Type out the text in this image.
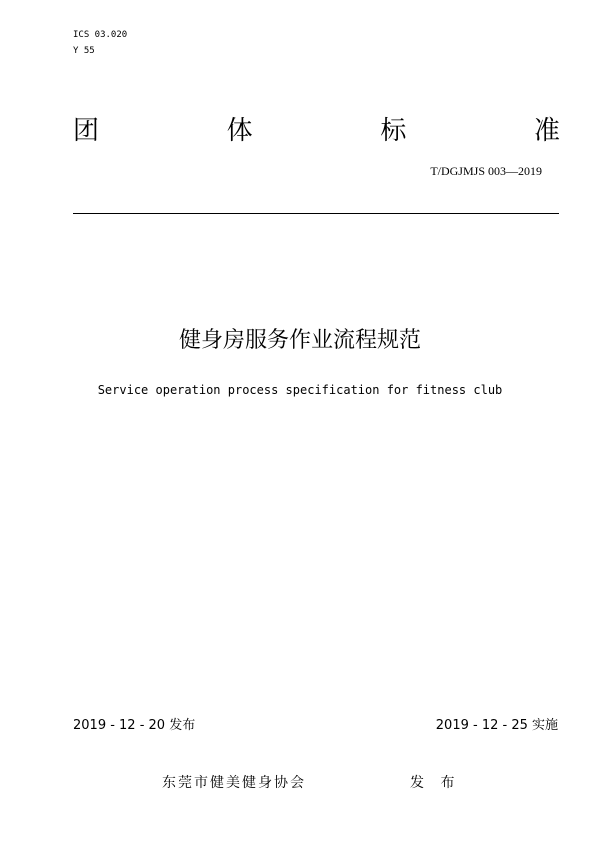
ICS 03.020
Y 55
团	体	标	准
T/DGJMJS 003—2019
健身房服务作业流程规范
Service operation process specification for fitness club
2019 - 12 - 20 发布	2019 - 12 - 25 实施
东莞市健美健身协会	发 布
